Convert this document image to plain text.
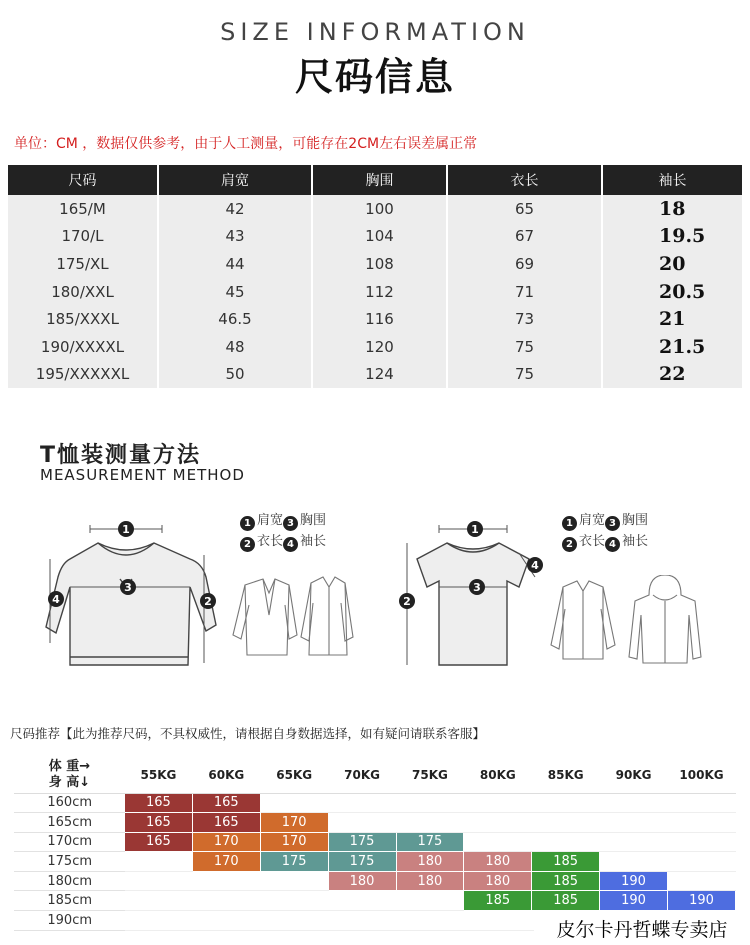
SIZE INFORMATION
尺码信息
单位：CM ，数据仅供参考，由于人工测量，可能存在2CM左右误差属正常
尺码	肩宽	胸围	衣长	袖长
165/M	42	100	65	18
170/L	43	104	67	19.5
175/XL	44	108	69	20
180/XXL	45	112	71	20.5
185/XXXL	46.5	116	73	21
190/XXXXL	48	120	75	21.5
195/XXXXXL	50	124	75	22
T恤装测量方法
MEASUREMENT METHOD
1
3
2
4
1 肩宽 3 胸围
2 衣长 4 袖长
1
3
2
4
1 肩宽 3 胸围
2 衣长 4 袖长
尺码推荐【此为推荐尺码，不具权威性，请根据自身数据选择，如有疑问请联系客服】
体 重→
身 高↓	55KG	60KG	65KG	70KG	75KG	80KG	85KG	90KG	100KG
160cm	165	165							
165cm	165	165	170						
170cm	165	170	170	175	175				
175cm		170	175	175	180	180	185		
180cm				180	180	180	185	190	
185cm						185	185	190	190
190cm										皮尔卡丹哲蝶专卖店
